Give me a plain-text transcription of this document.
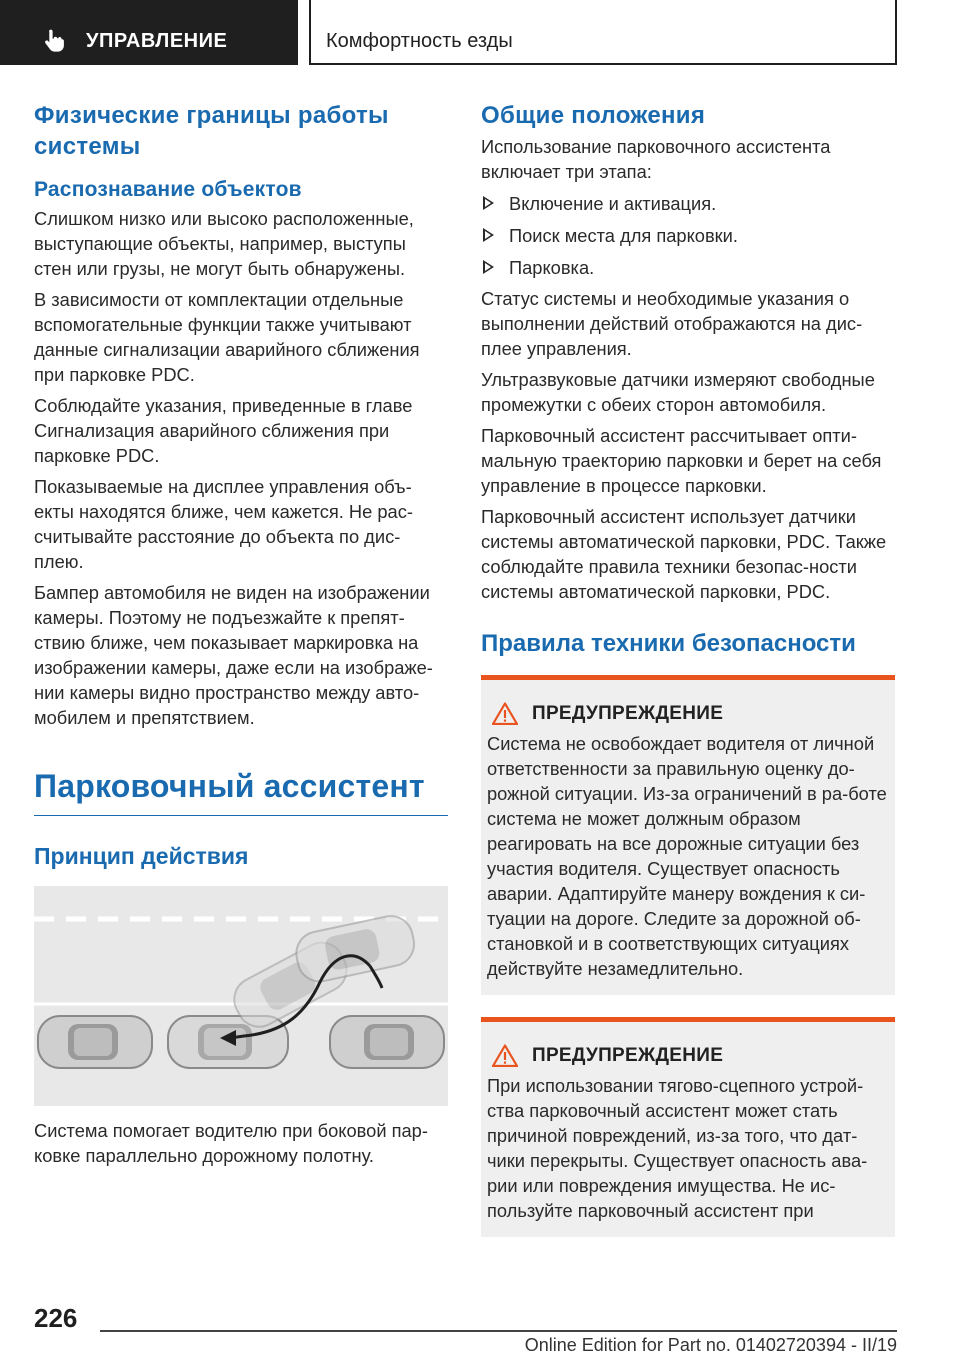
УПРАВЛЕНИЕ	Комфортность езды
Физические границы работы системы
Распознавание объектов

Слишком низко или высоко расположенные, выступающие объекты, например, выступы стен или грузы, не могут быть обнаружены.

В зависимости от комплектации отдельные вспомогательные функции также учитывают данные сигнализации аварийного сближения при парковке PDC.

Соблюдайте указания, приведенные в главе Сигнализация аварийного сближения при парковке PDC.

Показываемые на дисплее управления объ‐екты находятся ближе, чем кажется. Не рас‐считывайте расстояние до объекта по дис‐плею.

Бампер автомобиля не виден на изображении камеры. Поэтому не подъезжайте к препят‐ствию ближе, чем показывает маркировка на изображении камеры, даже если на изображе‐нии камеры видно пространство между авто‐мобилем и препятствием.

Парковочный ассистент
Принцип действия

Система помогает водителю при боковой пар‐ковке параллельно дорожному полотну.

Общие положения

Использование парковочного ассистента включает три этапа:

Включение и активация.
Поиск места для парковки.
Парковка.

Статус системы и необходимые указания о выполнении действий отображаются на дис‐плее управления.

Ультразвуковые датчики измеряют свободные промежутки с обеих сторон автомобиля.

Парковочный ассистент рассчитывает опти‐мальную траекторию парковки и берет на себя управление в процессе парковки.

Парковочный ассистент использует датчики системы автоматической парковки, PDC. Также соблюдайте правила техники безопас‐ности системы автоматической парковки, PDC.

Правила техники безопасности
ПРЕДУПРЕЖДЕНИЕ

Система не освобождает водителя от личной ответственности за правильную оценку до‐рожной ситуации. Из-за ограничений в ра‐боте система не может должным образом реагировать на все дорожные ситуации без участия водителя. Существует опасность аварии. Адаптируйте манеру вождения к си‐туации на дороге. Следите за дорожной об‐становкой и в соответствующих ситуациях действуйте незамедлительно.

ПРЕДУПРЕЖДЕНИЕ

При использовании тягово-сцепного устрой‐ства парковочный ассистент может стать причиной повреждений, из-за того, что дат‐чики перекрыты. Существует опасность ава‐рии или повреждения имущества. Не ис‐пользуйте парковочный ассистент при

226
Online Edition for Part no. 01402720394 - II/19
